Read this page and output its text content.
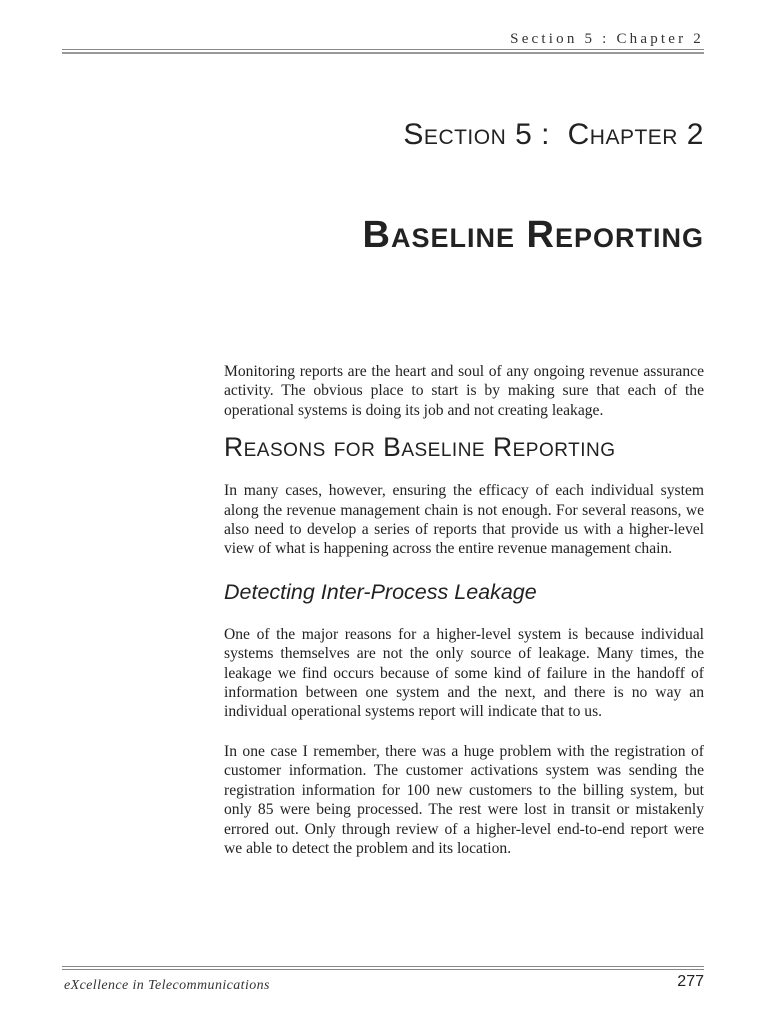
Section 5 : Chapter 2
Section 5 :  Chapter 2
Baseline Reporting

Monitoring reports are the heart and soul of any ongoing revenue assurance activity. The obvious place to start is by making sure that each of the operational systems is doing its job and not creating leakage.

Reasons for Baseline Reporting

In many cases, however, ensuring the efficacy of each individual system along the revenue management chain is not enough. For several reasons, we also need to develop a series of reports that provide us with a higher-level view of what is happening across the entire revenue management chain.

Detecting Inter-Process Leakage

One of the major reasons for a higher-level system is because individual systems themselves are not the only source of leakage. Many times, the leakage we find occurs because of some kind of failure in the handoff of information between one system and the next, and there is no way an individual operational systems report will indicate that to us.

In one case I remember, there was a huge problem with the registration of customer information. The customer activations system was sending the registration information for 100 new customers to the billing system, but only 85 were being processed. The rest were lost in transit or mistakenly errored out. Only through review of a higher-level end-to-end report were we able to detect the problem and its location.

eXcellence in Telecommunications	277
